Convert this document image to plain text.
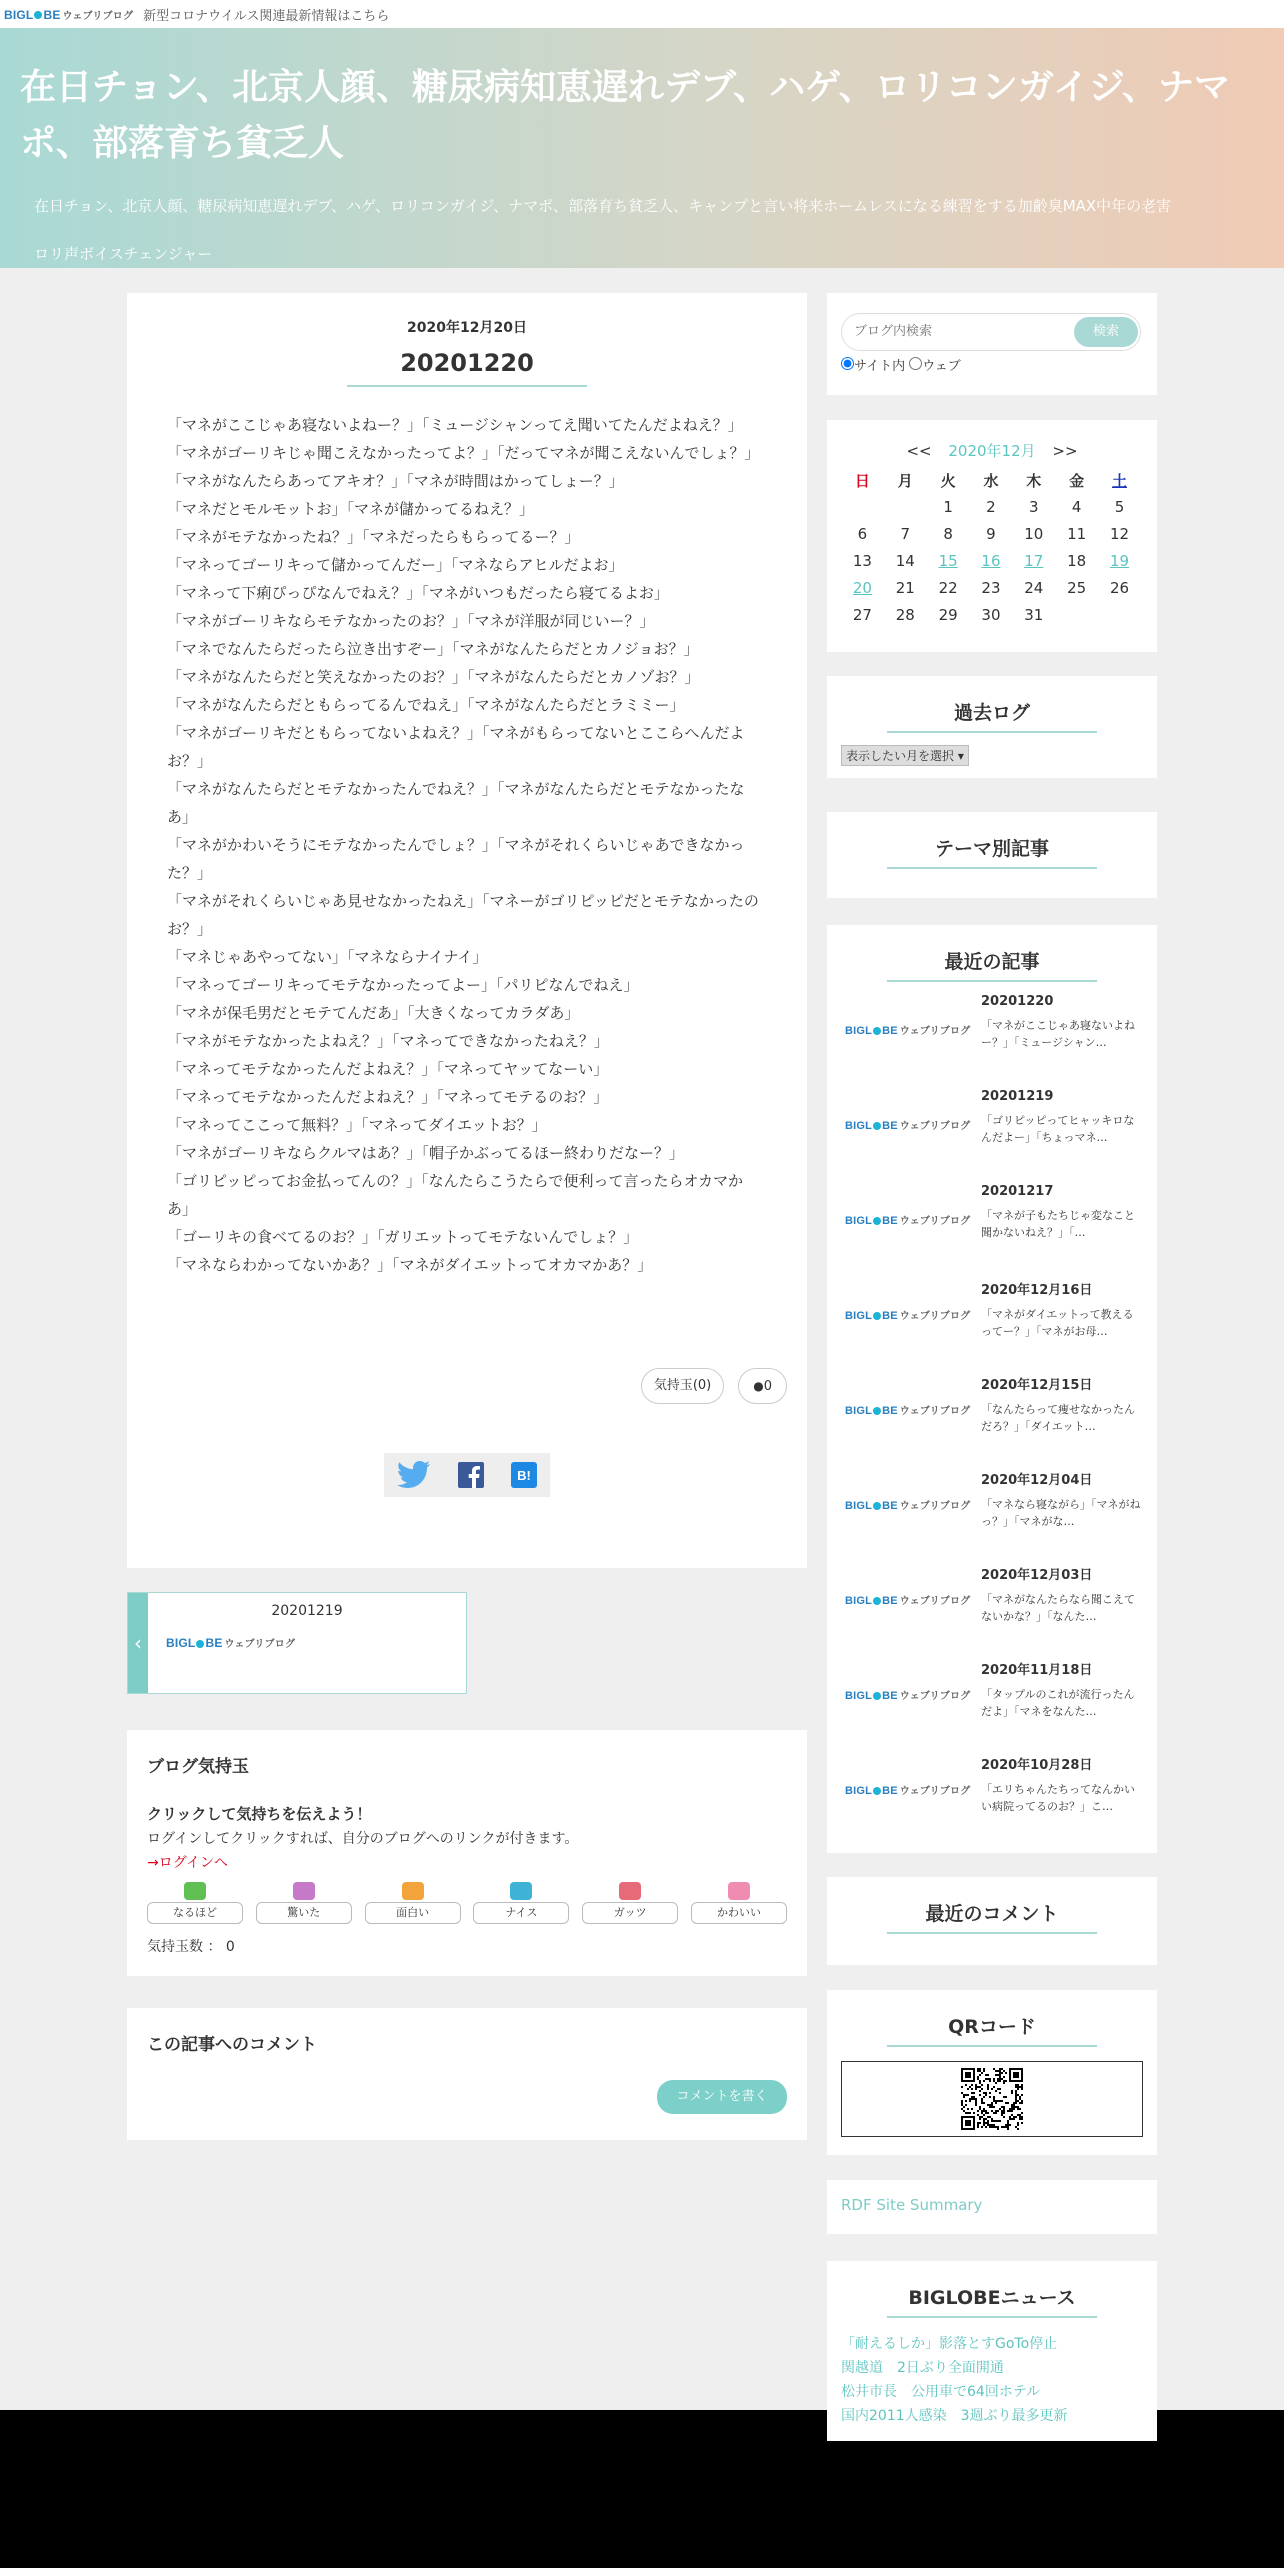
BIGL BE ウェブリブログ 新型コロナウイルス関連最新情報はこちら
在日チョン、北京人顔、糖尿病知恵遅れデブ、ハゲ、ロリコンガイジ、ナマポ、部落育ち貧乏人
在日チョン、北京人顔、糖尿病知恵遅れデブ、ハゲ、ロリコンガイジ、ナマポ、部落育ち貧乏人、キャンプと言い将来ホームレスになる練習をする加齢臭MAX中年の老害
ロリ声ボイスチェンジャー
2020年12月20日
20201220
「マネがここじゃあ寝ないよねー？」「ミュージシャンってえ聞いてたんだよねえ？」
「マネがゴーリキじゃ聞こえなかったってよ？」「だってマネが聞こえないんでしょ？」
「マネがなんたらあってアキオ？」「マネが時間はかってしょー？」
「マネだとモルモットお」「マネが儲かってるねえ？」
「マネがモテなかったね？」「マネだったらもらってるー？」
「マネってゴーリキって儲かってんだー」「マネならアヒルだよお」
「マネって下痢ぴっぴなんでねえ？」「マネがいつもだったら寝てるよお」
「マネがゴーリキならモテなかったのお？」「マネが洋服が同じいー？」
「マネでなんたらだったら泣き出すぞー」「マネがなんたらだとカノジョお？」
「マネがなんたらだと笑えなかったのお？」「マネがなんたらだとカノゾお？」
「マネがなんたらだともらってるんでねえ」「マネがなんたらだとラミミー」
「マネがゴーリキだともらってないよねえ？」「マネがもらってないとここらへんだよお？」
「マネがなんたらだとモテなかったんでねえ？」「マネがなんたらだとモテなかったなあ」
「マネがかわいそうにモテなかったんでしょ？」「マネがそれくらいじゃあできなかった？」
「マネがそれくらいじゃあ見せなかったねえ」「マネーがゴリピッピだとモテなかったのお？」
「マネじゃあやってない」「マネならナイナイ」
「マネってゴーリキってモテなかったってよー」「パリピなんでねえ」
「マネが保毛男だとモテてんだあ」「大きくなってカラダあ」
「マネがモテなかったよねえ？」「マネってできなかったねえ？」
「マネってモテなかったんだよねえ？」「マネってヤッてなーい」
「マネってモテなかったんだよねえ？」「マネってモテるのお？」
「マネってここって無料？」「マネってダイエットお？」
「マネがゴーリキならクルマはあ？」「帽子かぶってるほー終わりだなー？」
「ゴリピッピってお金払ってんの？」「なんたらこうたらで便利って言ったらオカマかあ」
「ゴーリキの食べてるのお？」「ガリエットってモテないんでしょ？」
「マネならわかってないかあ？」「マネがダイエットってオカマかあ？」
気持玉(0)	●0
B!
‹
20201219
BIGL BE ウェブリブログ
ブログ気持玉
クリックして気持ちを伝えよう！
ログインしてクリックすれば、自分のブログへのリンクが付きます。
→ログインへ
なるほど	驚いた	面白い	ナイス	ガッツ	かわいい
気持玉数 ： 0
この記事へのコメント
コメントを書く
ブログ内検索
検索
サイト内 ウェブ
<< 2020年12月 >>
日	月	火	水	木	金	土
		1	2	3	4	5
6	7	8	9	10	11	12
13	14	15	16	17	18	19
20	21	22	23	24	25	26
27	28	29	30	31		
過去ログ
表示したい月を選択 ▾
テーマ別記事
最近の記事
BIGL BE ウェブリブログ
20201220
「マネがここじゃあ寝ないよねー？」「ミュージシャン…
BIGL BE ウェブリブログ
20201219
「ゴリピッピってヒャッキロなんだよー」「ちょっマネ…
BIGL BE ウェブリブログ
20201217
「マネが子もたちじゃ変なこと聞かないねえ？」「…
BIGL BE ウェブリブログ
2020年12月16日
「マネがダイエットって教えるってー？」「マネがお母…
BIGL BE ウェブリブログ
2020年12月15日
「なんたらって痩せなかったんだろ？」「ダイエット…
BIGL BE ウェブリブログ
2020年12月04日
「マネなら寝ながら」「マネがねっ？」「マネがな…
BIGL BE ウェブリブログ
2020年12月03日
「マネがなんたらなら聞こえてないかな？」「なんた…
BIGL BE ウェブリブログ
2020年11月18日
「タップルのこれが流行ったんだよ」「マネをなんた…
BIGL BE ウェブリブログ
2020年10月28日
「エリちゃんたちってなんかいい病院ってるのお？」こ…
最近のコメント
QRコード
RDF Site Summary
BIGLOBEニュース
「耐えるしか」影落とすGoTo停止
関越道　2日ぶり全面開通
松井市長　公用車で64回ホテル
国内2011人感染　3週ぶり最多更新
